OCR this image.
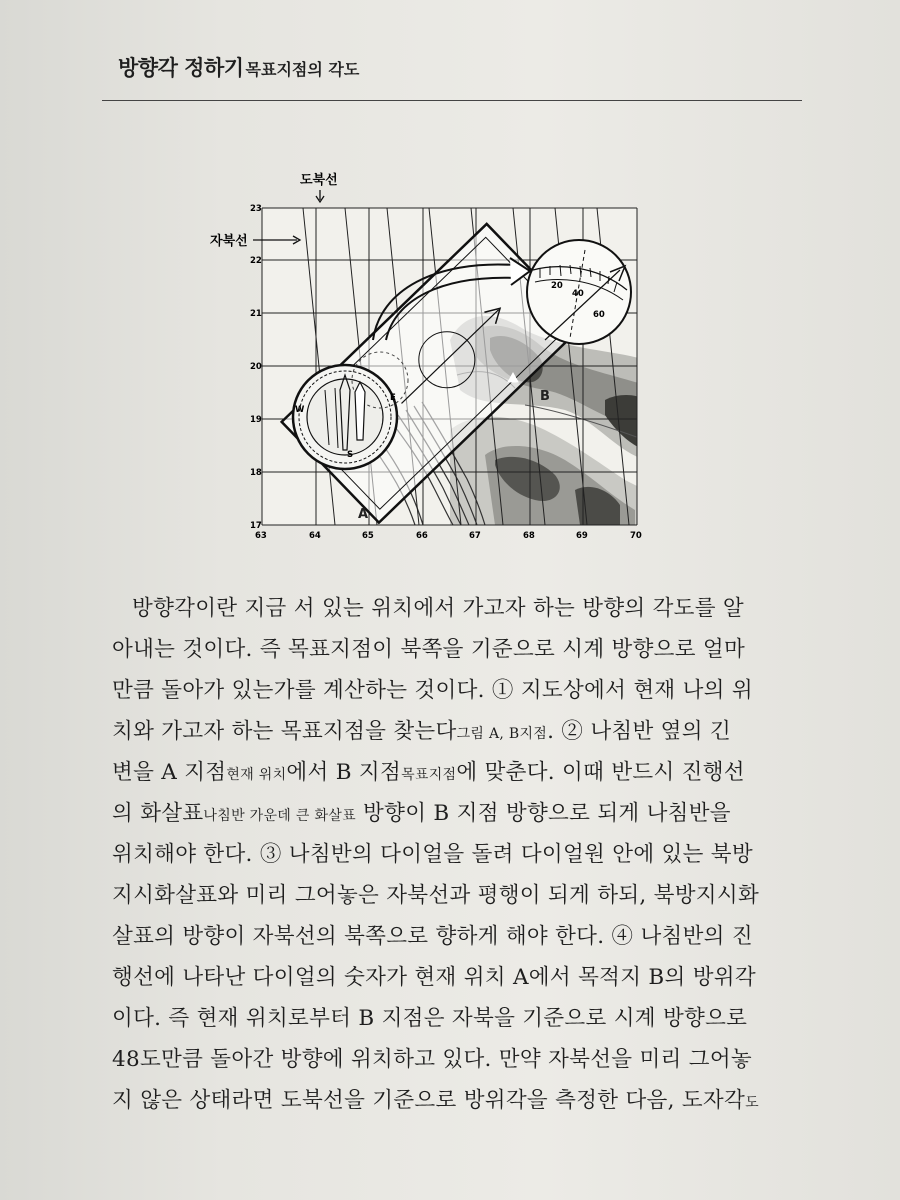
방향각 정하기 목표지점의 각도
W
S
E
20
40
60
B
A
도북선
자북선
23
22
21
20
19
18
17
63	64	65	66	67	68	69	70
방향각이란 지금 서 있는 위치에서 가고자 하는 방향의 각도를 알
아내는 것이다. 즉 목표지점이 북쪽을 기준으로 시계 방향으로 얼마
만큼 돌아가 있는가를 계산하는 것이다. ① 지도상에서 현재 나의 위
치와 가고자 하는 목표지점을 찾는다그림 A, B지점. ② 나침반 옆의 긴
변을 A 지점현재 위치에서 B 지점목표지점에 맞춘다. 이때 반드시 진행선
의 화살표나침반 가운데 큰 화살표 방향이 B 지점 방향으로 되게 나침반을
위치해야 한다. ③ 나침반의 다이얼을 돌려 다이얼원 안에 있는 북방
지시화살표와 미리 그어놓은 자북선과 평행이 되게 하되, 북방지시화
살표의 방향이 자북선의 북쪽으로 향하게 해야 한다. ④ 나침반의 진
행선에 나타난 다이얼의 숫자가 현재 위치 A에서 목적지 B의 방위각
이다. 즉 현재 위치로부터 B 지점은 자북을 기준으로 시계 방향으로
48도만큼 돌아간 방향에 위치하고 있다. 만약 자북선을 미리 그어놓
지 않은 상태라면 도북선을 기준으로 방위각을 측정한 다음, 도자각도
